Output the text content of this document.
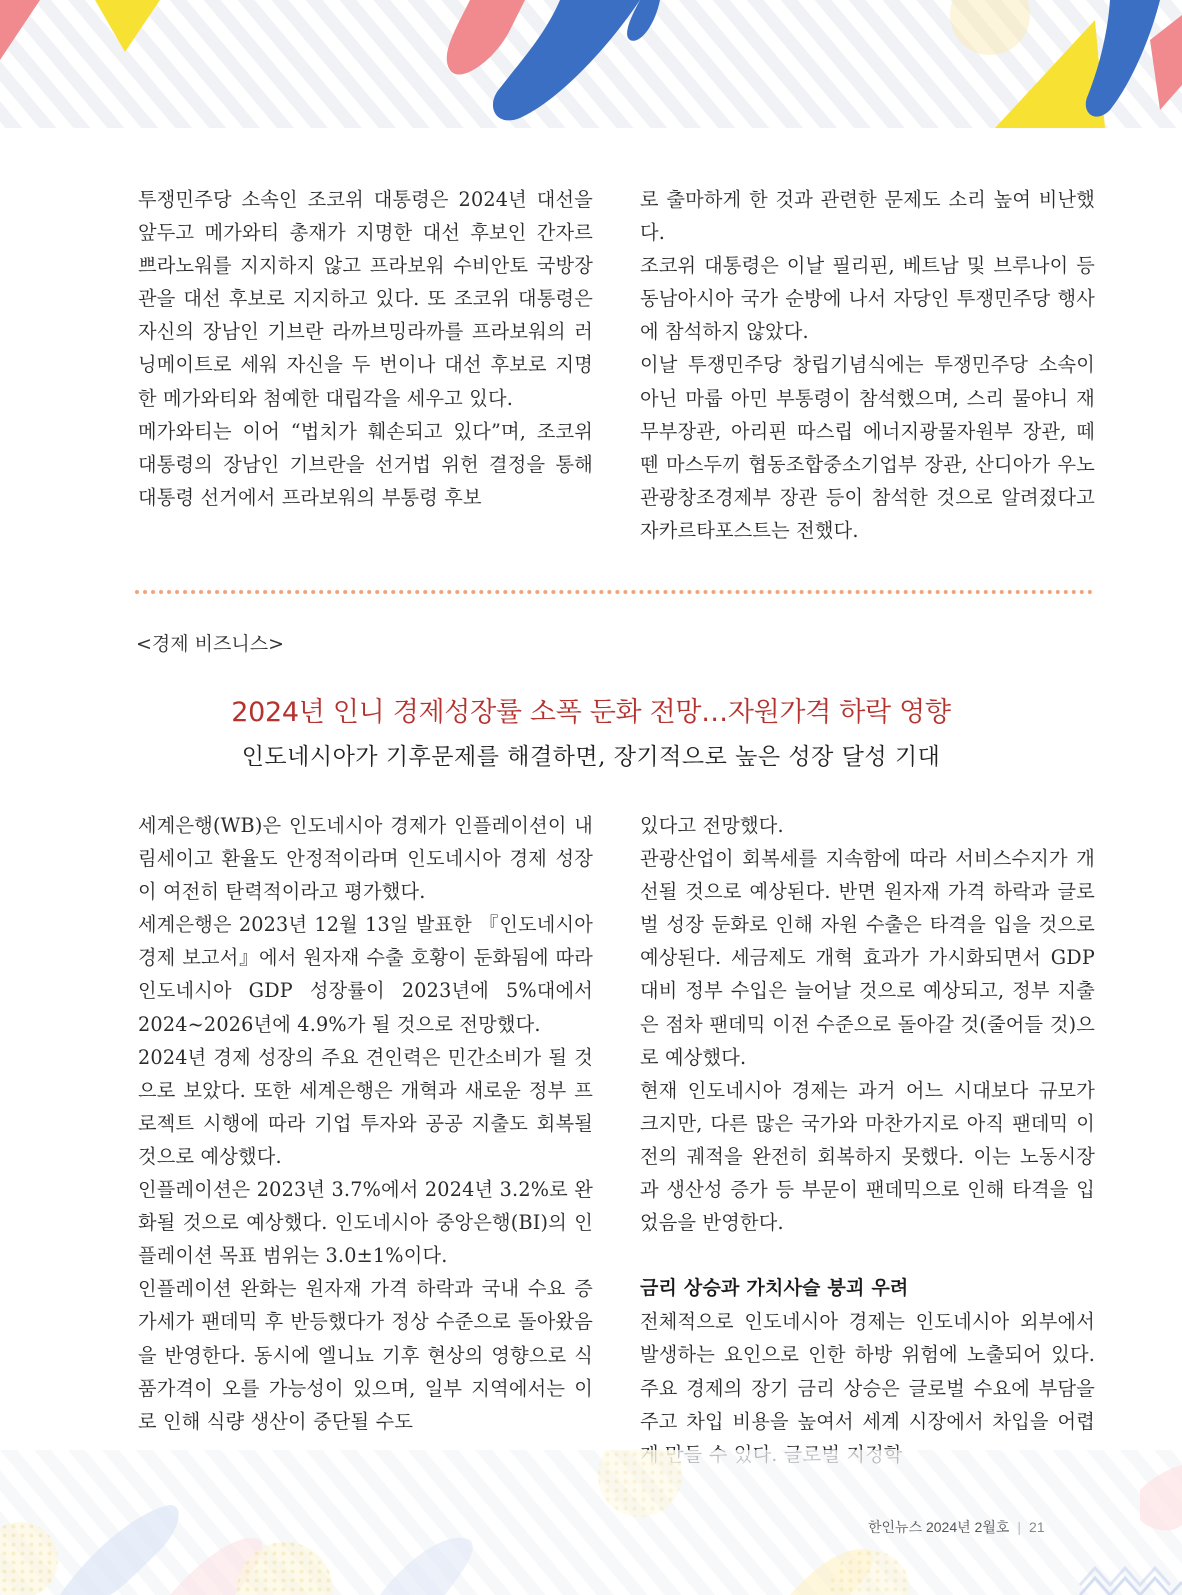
투쟁민주당 소속인 조코위 대통령은 2024년 대선을 앞두고 메가와티 총재가 지명한 대선 후보인 간자르 쁘라노워를 지지하지 않고 프라보워 수비안토 국방장관을 대선 후보로 지지하고 있다. 또 조코위 대통령은 자신의 장남인 기브란 라까브밍라까를 프라보워의 러닝메이트로 세워 자신을 두 번이나 대선 후보로 지명한 메가와티와 첨예한 대립각을 세우고 있다.

메가와티는 이어 “법치가 훼손되고 있다”며, 조코위 대통령의 장남인 기브란을 선거법 위헌 결정을 통해 대통령 선거에서 프라보워의 부통령 후보

로 출마하게 한 것과 관련한 문제도 소리 높여 비난했다.

조코위 대통령은 이날 필리핀, 베트남 및 브루나이 등 동남아시아 국가 순방에 나서 자당인 투쟁민주당 행사에 참석하지 않았다.

이날 투쟁민주당 창립기념식에는 투쟁민주당 소속이 아닌 마룹 아민 부통령이 참석했으며, 스리 물야니 재무부장관, 아리핀 따스립 에너지광물자원부 장관, 떼뗀 마스두끼 협동조합중소기업부 장관, 산디아가 우노 관광창조경제부 장관 등이 참석한 것으로 알려졌다고 자카르타포스트는 전했다.

<경제 비즈니스>
2024년 인니 경제성장률 소폭 둔화 전망…자원가격 하락 영향
인도네시아가 기후문제를 해결하면, 장기적으로 높은 성장 달성 기대

세계은행(WB)은 인도네시아 경제가 인플레이션이 내림세이고 환율도 안정적이라며 인도네시아 경제 성장이 여전히 탄력적이라고 평가했다.

세계은행은 2023년 12월 13일 발표한 『인도네시아 경제 보고서』에서 원자재 수출 호황이 둔화됨에 따라 인도네시아 GDP 성장률이 2023년에 5%대에서 2024~2026년에 4.9%가 될 것으로 전망했다.

2024년 경제 성장의 주요 견인력은 민간소비가 될 것으로 보았다. 또한 세계은행은 개혁과 새로운 정부 프로젝트 시행에 따라 기업 투자와 공공 지출도 회복될 것으로 예상했다.

인플레이션은 2023년 3.7%에서 2024년 3.2%로 완화될 것으로 예상했다. 인도네시아 중앙은행(BI)의 인플레이션 목표 범위는 3.0±1%이다.

인플레이션 완화는 원자재 가격 하락과 국내 수요 증가세가 팬데믹 후 반등했다가 정상 수준으로 돌아왔음을 반영한다. 동시에 엘니뇨 기후 현상의 영향으로 식품가격이 오를 가능성이 있으며, 일부 지역에서는 이로 인해 식량 생산이 중단될 수도

있다고 전망했다.

관광산업이 회복세를 지속함에 따라 서비스수지가 개선될 것으로 예상된다. 반면 원자재 가격 하락과 글로벌 성장 둔화로 인해 자원 수출은 타격을 입을 것으로 예상된다. 세금제도 개혁 효과가 가시화되면서 GDP 대비 정부 수입은 늘어날 것으로 예상되고, 정부 지출은 점차 팬데믹 이전 수준으로 돌아갈 것(줄어들 것)으로 예상했다.

현재 인도네시아 경제는 과거 어느 시대보다 규모가 크지만, 다른 많은 국가와 마찬가지로 아직 팬데믹 이전의 궤적을 완전히 회복하지 못했다. 이는 노동시장과 생산성 증가 등 부문이 팬데믹으로 인해 타격을 입었음을 반영한다.

금리 상승과 가치사슬 붕괴 우려

전체적으로 인도네시아 경제는 인도네시아 외부에서 발생하는 요인으로 인한 하방 위험에 노출되어 있다. 주요 경제의 장기 금리 상승은 글로벌 수요에 부담을 주고 차입 비용을 높여서 세계 시장에서 차입을 어렵

한인뉴스 2024년 2월호 | 21
